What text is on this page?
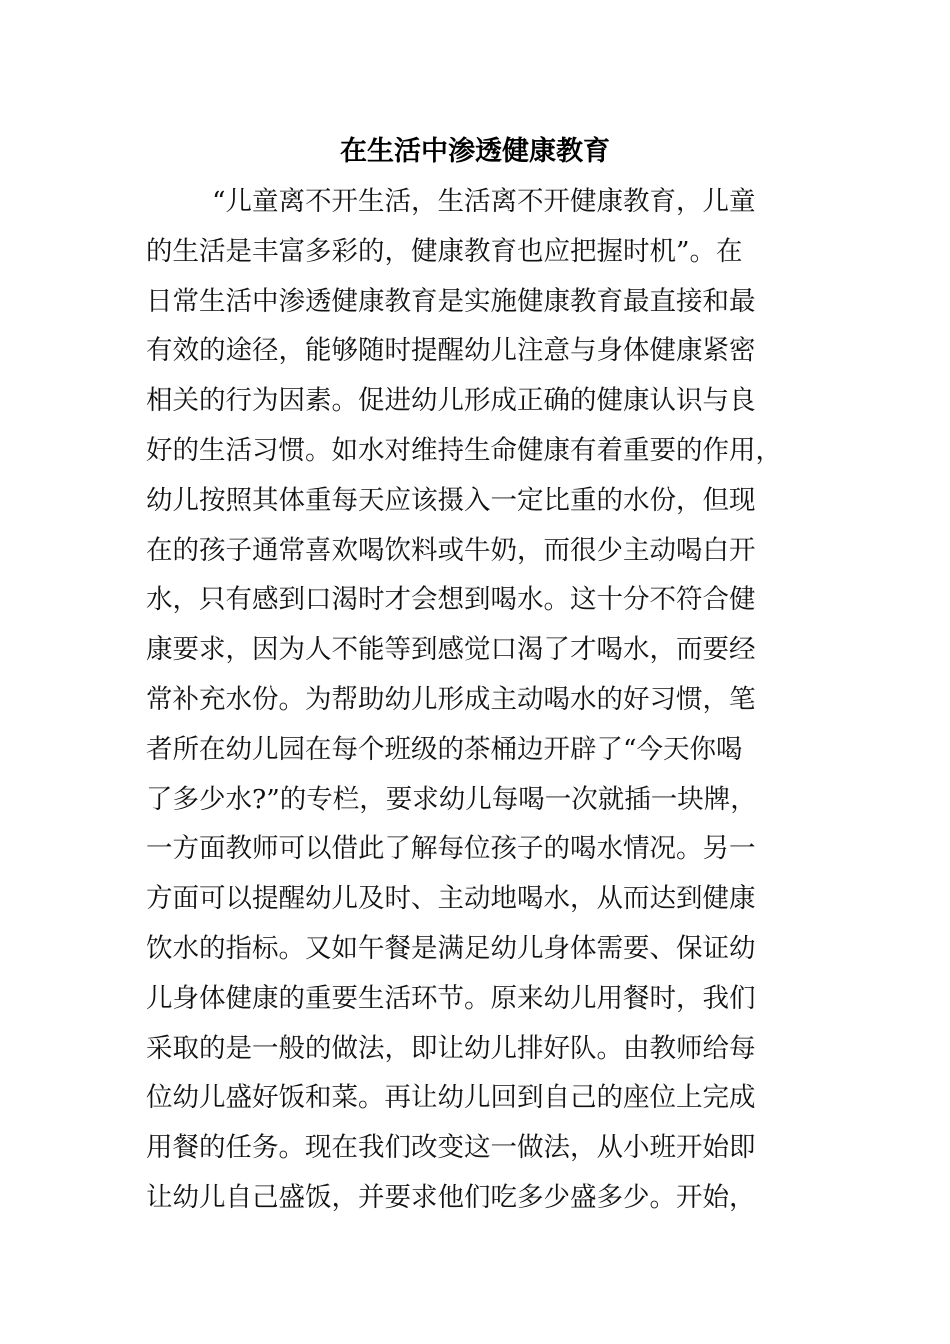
在生活中渗透健康教育
“儿童离不开生活，生活离不开健康教育，儿童
的生活是丰富多彩的，健康教育也应把握时机”。在
日常生活中渗透健康教育是实施健康教育最直接和最
有效的途径，能够随时提醒幼儿注意与身体健康紧密
相关的行为因素。促进幼儿形成正确的健康认识与良
好的生活习惯。如水对维持生命健康有着重要的作用，
幼儿按照其体重每天应该摄入一定比重的水份，但现
在的孩子通常喜欢喝饮料或牛奶，而很少主动喝白开
水，只有感到口渴时才会想到喝水。这十分不符合健
康要求，因为人不能等到感觉口渴了才喝水，而要经
常补充水份。为帮助幼儿形成主动喝水的好习惯，笔
者所在幼儿园在每个班级的茶桶边开辟了“今天你喝
了多少水?”的专栏，要求幼儿每喝一次就插一块牌，
一方面教师可以借此了解每位孩子的喝水情况。另一
方面可以提醒幼儿及时、主动地喝水，从而达到健康
饮水的指标。又如午餐是满足幼儿身体需要、保证幼
儿身体健康的重要生活环节。原来幼儿用餐时，我们
采取的是一般的做法，即让幼儿排好队。由教师给每
位幼儿盛好饭和菜。再让幼儿回到自己的座位上完成
用餐的任务。现在我们改变这一做法，从小班开始即
让幼儿自己盛饭，并要求他们吃多少盛多少。开始，
